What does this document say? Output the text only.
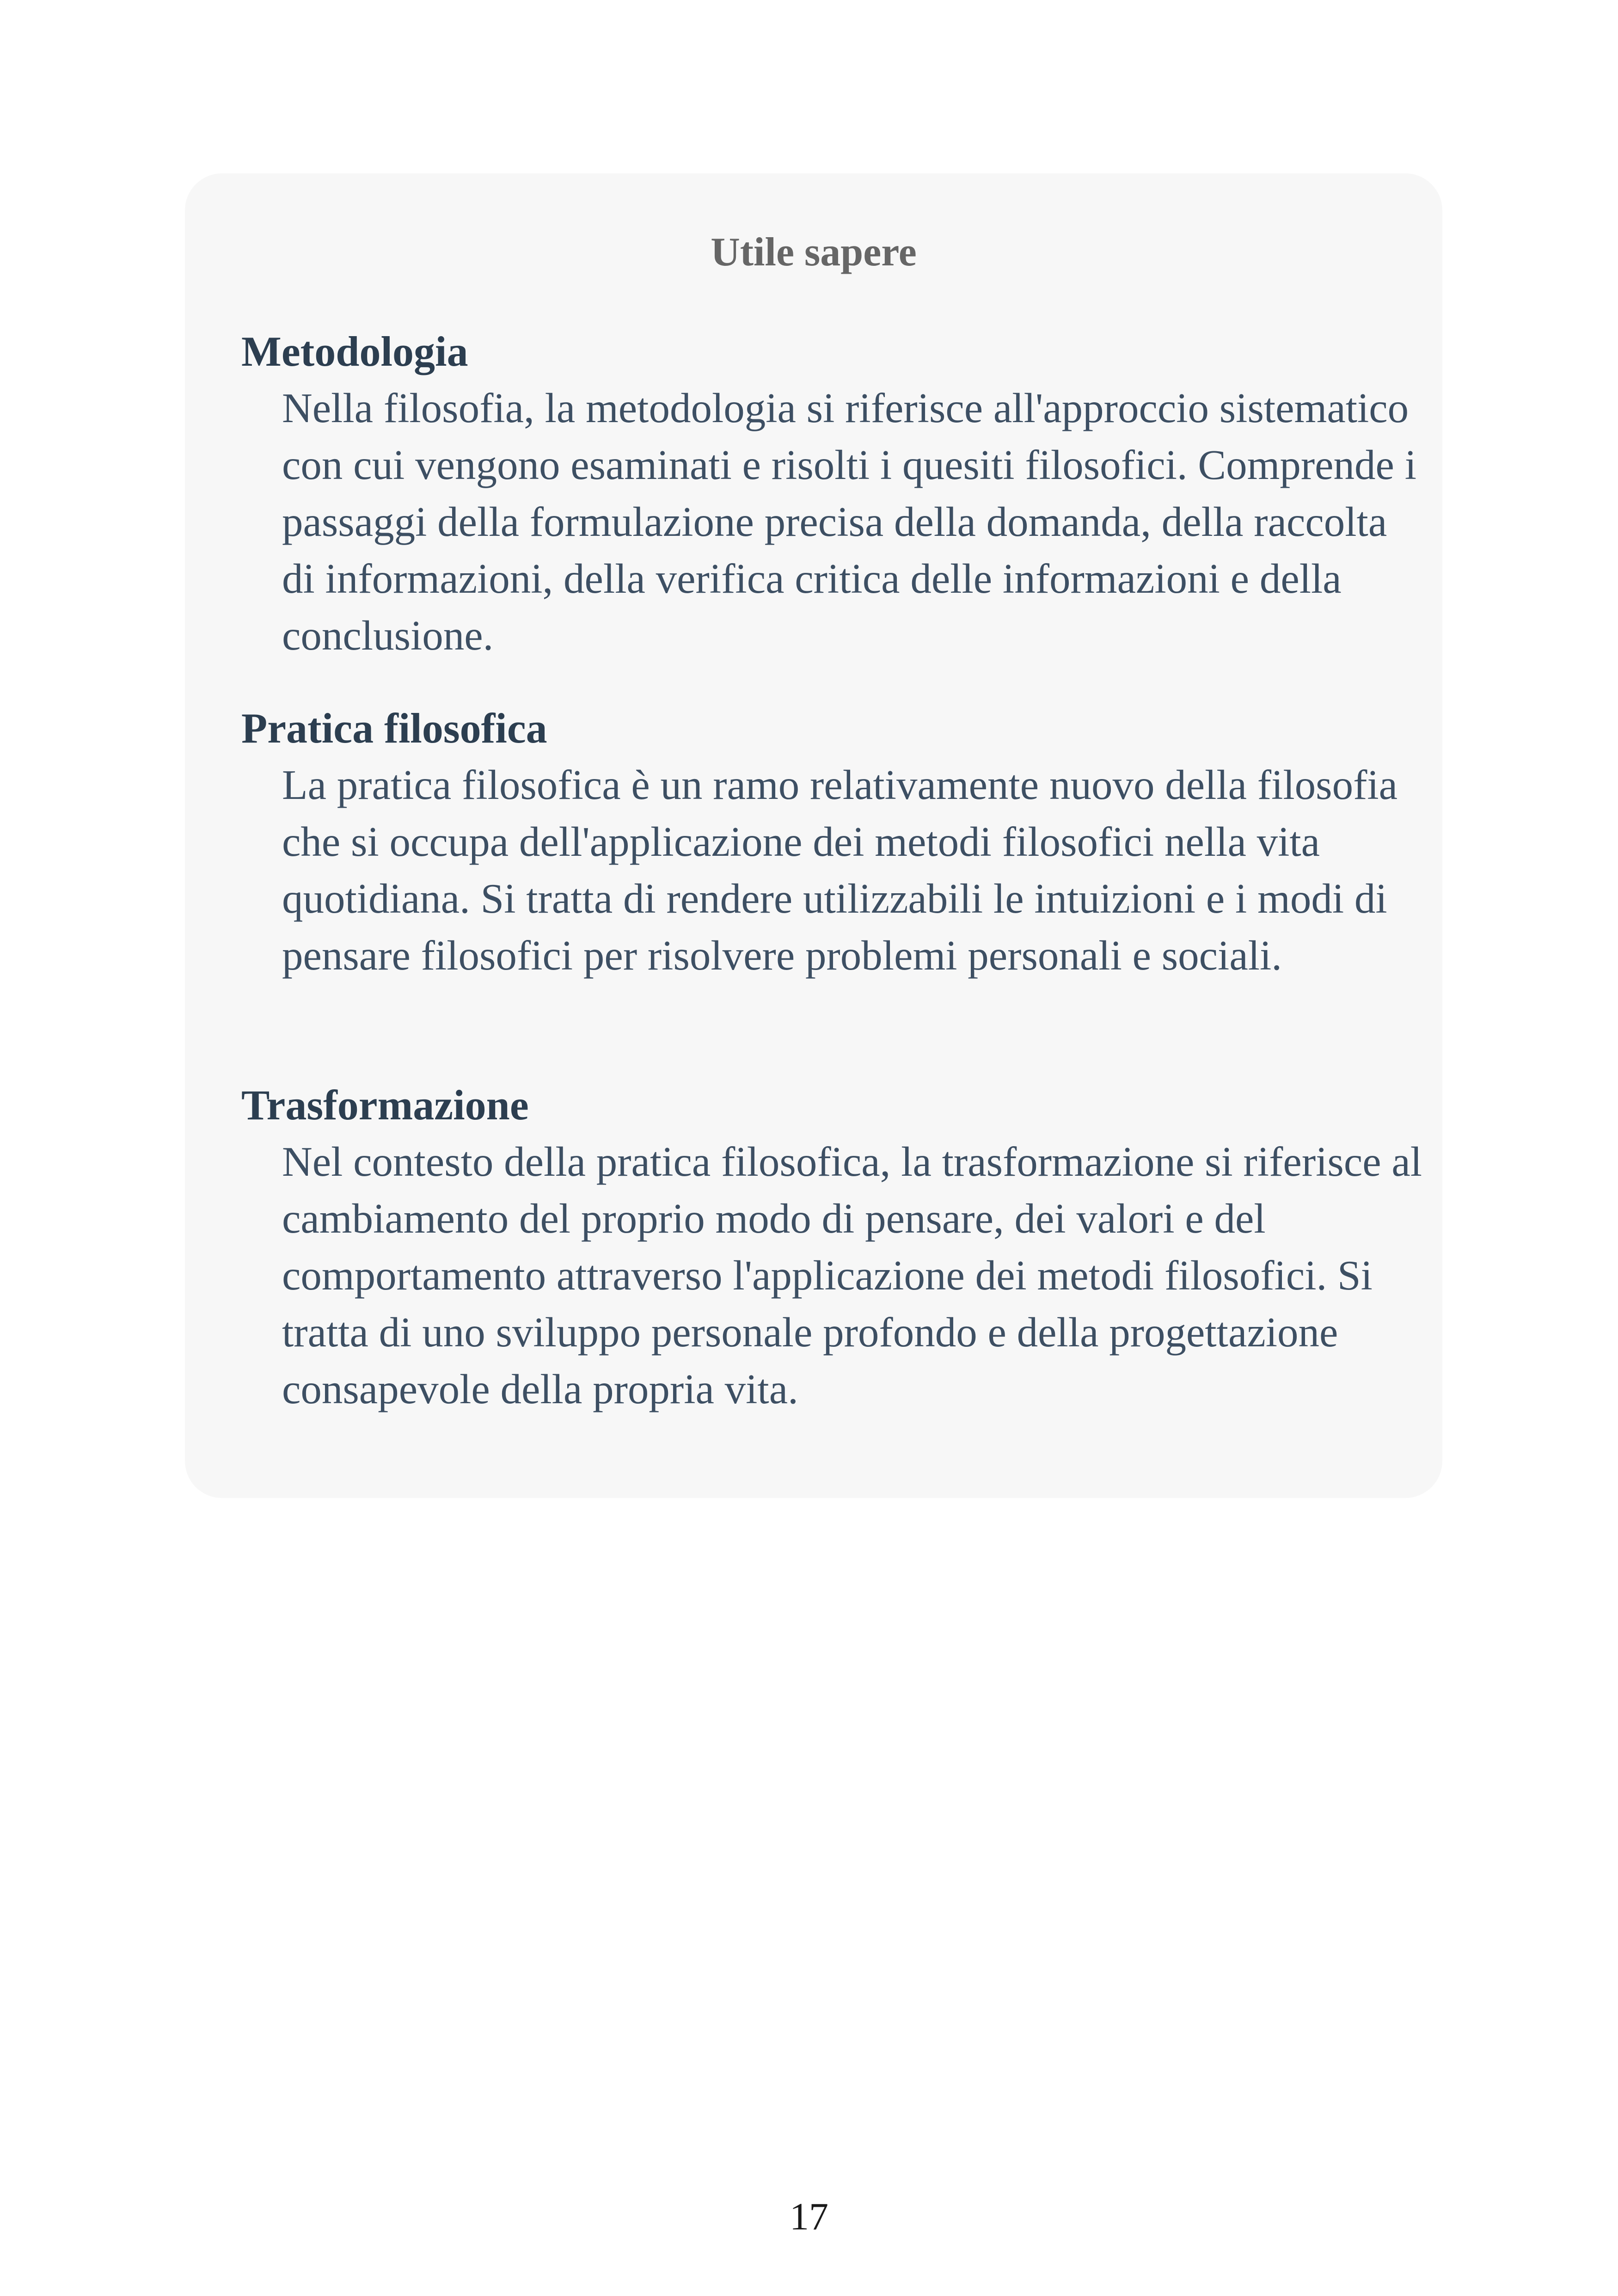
Utile sapere
Metodologia
Nella filosofia, la metodologia si riferisce all'approccio sistematico con cui vengono esaminati e risolti i quesiti filosofici. Comprende i passaggi della formulazione precisa della domanda, della raccolta di informazioni, della verifica critica delle informazioni e della conclusione.
Pratica filosofica
La pratica filosofica è un ramo relativamente nuovo della filosofia che si occupa dell'applicazione dei metodi filosofici nella vita quotidiana. Si tratta di rendere utilizzabili le intuizioni e i modi di pensare filosofici per risolvere problemi personali e sociali.
Trasformazione
Nel contesto della pratica filosofica, la trasformazione si riferisce al cambiamento del proprio modo di pensare, dei valori e del comportamento attraverso l'applicazione dei metodi filosofici. Si tratta di uno sviluppo personale profondo e della progettazione consapevole della propria vita.
17
